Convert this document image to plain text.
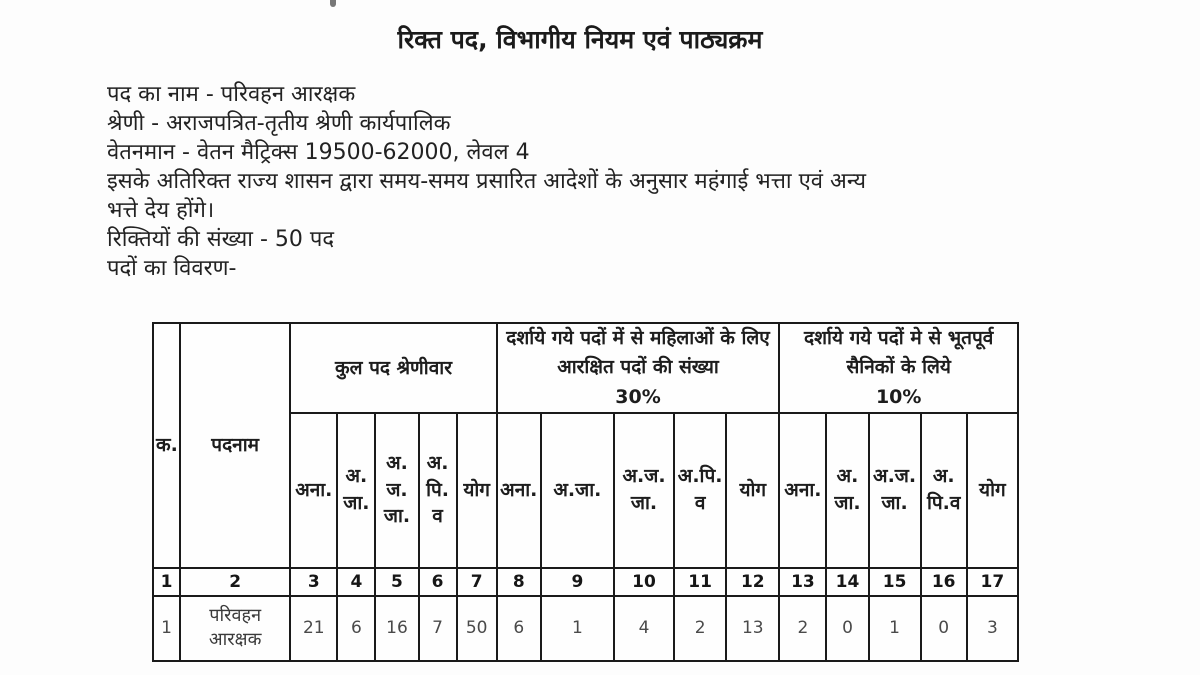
रिक्त पद, विभागीय नियम एवं पाठ्यक्रम

पद का नाम - परिवहन आरक्षक

श्रेणी - अराजपत्रित-तृतीय श्रेणी कार्यपालिक

वेतनमान - वेतन मैट्रिक्स 19500-62000, लेवल 4

इसके अतिरिक्त राज्य शासन द्वारा समय-समय प्रसारित आदेशों के अनुसार महंगाई भत्ता एवं अन्य

भत्ते देय होंगे।

रिक्तियों की संख्या - 50 पद

पदों का विवरण-

क.	पदनाम	
कुल पद श्रेणीवार

दर्शाये गये पदों में से महिलाओं के लिए आरक्षित पदों की संख्या
30%

दर्शाये गये पदों मे से भूतपूर्व सैनिकों के लिये
10%

		अना.	अ. जा.	अ. ज. जा.	अ. पि. व	योग	अना.	अ.जा.	अ.ज. जा.	अ.पि. व	योग	अना.	अ. जा.	अ.ज. जा.	अ. पि.व	योग
1	2	3	4	5	6	7	8	9	10	11	12	13	14	15	16	17
1	परिवहन आरक्षक	21	6	16	7	50	6	1	4	2	13	2	0	1	0	3
